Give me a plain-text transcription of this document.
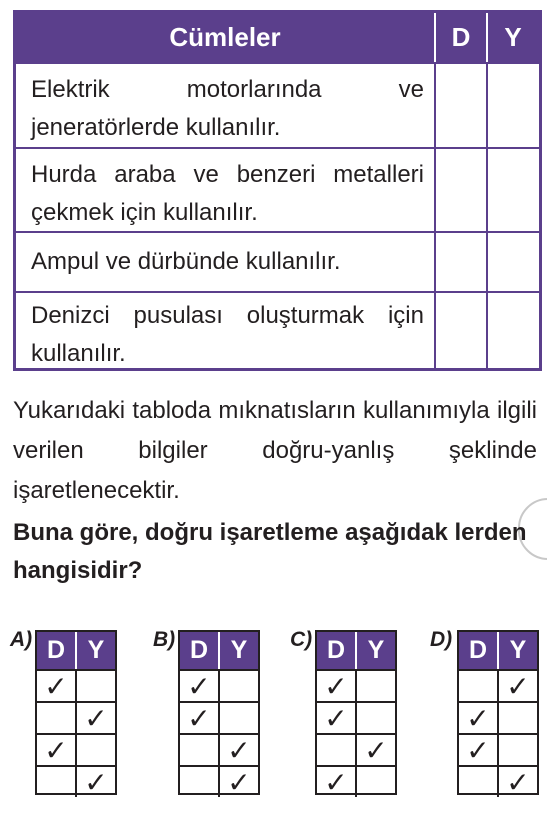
Cümleler	D	Y
Elektrik motorlarında ve jeneratörlerde kullanılır.
Hurda araba ve benzeri metalleri çekmek için kullanılır.
Ampul ve dürbünde kullanılır.
Denizci pusulası oluşturmak için kullanılır.
Yukarıdaki tabloda mıknatısların kullanımıyla ilgili verilen bilgiler doğru-yanlış şeklinde işaretlenecektir.
Buna göre, doğru işaretleme aşağıdak lerden hangisidir?
A) D Y
✓
✓
✓
✓
B) D Y
✓
✓
✓
✓
C) D Y
✓
✓
✓
✓
D) D Y
✓
✓
✓
✓
